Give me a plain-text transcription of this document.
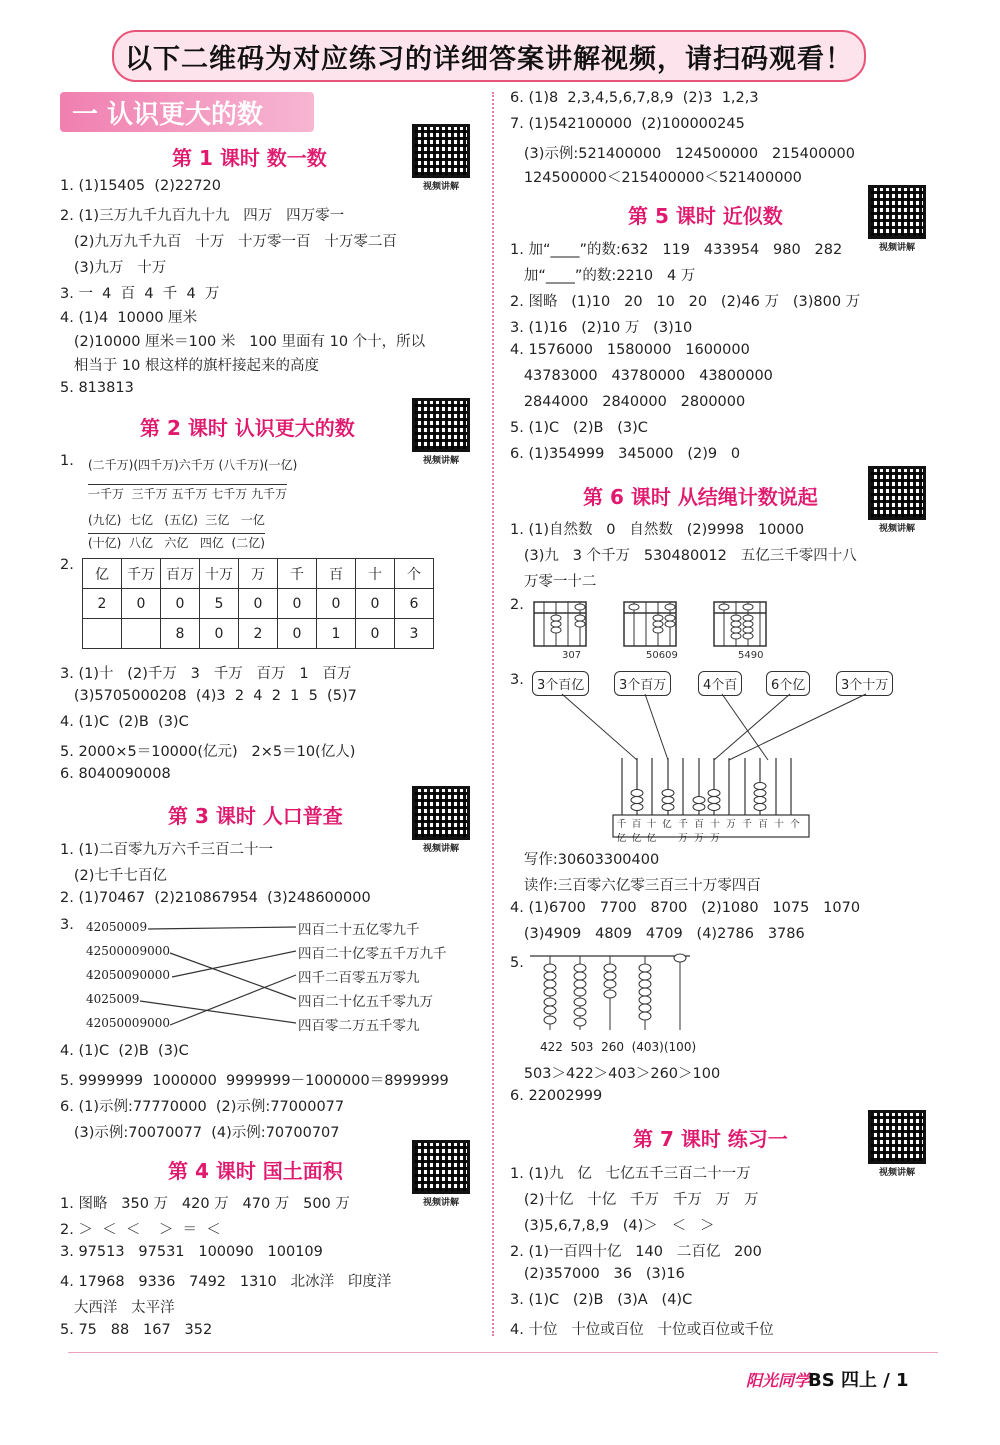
以下二维码为对应练习的详细答案讲解视频，请扫码观看！
一 认识更大的数
第 1 课时 数一数
第 2 课时 认识更大的数
第 3 课时 人口普查
第 4 课时 国土面积
第 5 课时 近似数
第 6 课时 从结绳计数说起
第 7 课时 练习一
视频讲解
视频讲解
视频讲解
视频讲解
视频讲解
视频讲解
视频讲解
1. (1)15405  (2)22720
2. (1)三万九千九百九十九   四万   四万零一
(2)九万九千九百   十万   十万零一百   十万零二百
(3)九万   十万
3. 一  4  百  4  千  4  万
4. (1)4  10000 厘米
(2)10000 厘米＝100 米   100 里面有 10 个十，所以
相当于 10 根这样的旗杆接起来的高度
5. 813813
1. (二千万)(四千万)六千万 (八千万)(一亿)
一千万  三千万 五千万 七千万 九千万
(九亿)  七亿   (五亿)  三亿   一亿
(十亿)  八亿   六亿   四亿  (二亿)
2.
亿	千万	百万	十万	万	千	百	十	个
2	0	0	5	0	0	0	0	6
		8	0	2	0	1	0	3
3. (1)十   (2)千万   3   千万   百万   1   百万
(3)5705000208  (4)3  2  4  2  1  5  (5)7
4. (1)C  (2)B  (3)C
5. 2000×5＝10000(亿元)   2×5＝10(亿人)
6. 8040090008
1. (1)二百零九万六千三百二十一
(2)七千七百亿
2. (1)70467  (2)210867954  (3)248600000
3. 42050009
42500009000
42050090000
4025009
42050009000
四百二十五亿零九千
四百二十亿零五千万九千
四千二百零五万零九
四百二十亿五千零九万
四百零二万五千零九
4. (1)C  (2)B  (3)C
5. 9999999  1000000  9999999－1000000＝8999999
6. (1)示例:77770000  (2)示例:77000077
(3)示例:70070077  (4)示例:70700707
1. 图略   350 万   420 万   470 万   500 万
2. ＞  ＜  ＜    ＞  ＝  ＜
3. 97513   97531   100090   100109
4. 17968   9336   7492   1310   北冰洋   印度洋
大西洋   太平洋
5. 75   88   167   352
6. (1)8  2,3,4,5,6,7,8,9  (2)3  1,2,3
7. (1)542100000  (2)100000245
(3)示例:521400000   124500000   215400000
124500000＜215400000＜521400000
1. 加“____”的数:632   119   433954   980   282
加“____”的数:2210   4 万
2. 图略   (1)10   20   10   20   (2)46 万   (3)800 万
3. (1)16   (2)10 万   (3)10
4. 1576000   1580000   1600000
43783000   43780000   43800000
2844000   2840000   2800000
5. (1)C   (2)B   (3)C
6. (1)354999   345000   (2)9   0
1. (1)自然数   0   自然数   (2)9998   10000
(3)九   3 个千万   530480012   五亿三千零四十八
万零一十二
2.
307	50609	5490
3.	3个百亿	3个百万	4个百	6个亿	3个十万
千亿
百亿
十亿
亿 千万
百万
十万
万 千 百 十 个
写作:30603300400
读作:三百零六亿零三百三十万零四百
4. (1)6700   7700   8700   (2)1080   1075   1070
(3)4909   4809   4709   (4)2786   3786
5.
422  503  260  (403)(100)
503＞422＞403＞260＞100
6. 22002999
1. (1)九   亿   七亿五千三百二十一万
(2)十亿   十亿   千万   千万   万   万
(3)5,6,7,8,9   (4)＞   ＜   ＞
2. (1)一百四十亿   140   二百亿   200
(2)357000   36   (3)16
3. (1)C   (2)B   (3)A   (4)C
4. 十位   十位或百位   十位或百位或千位
阳光同学
BS 四上 / 1
